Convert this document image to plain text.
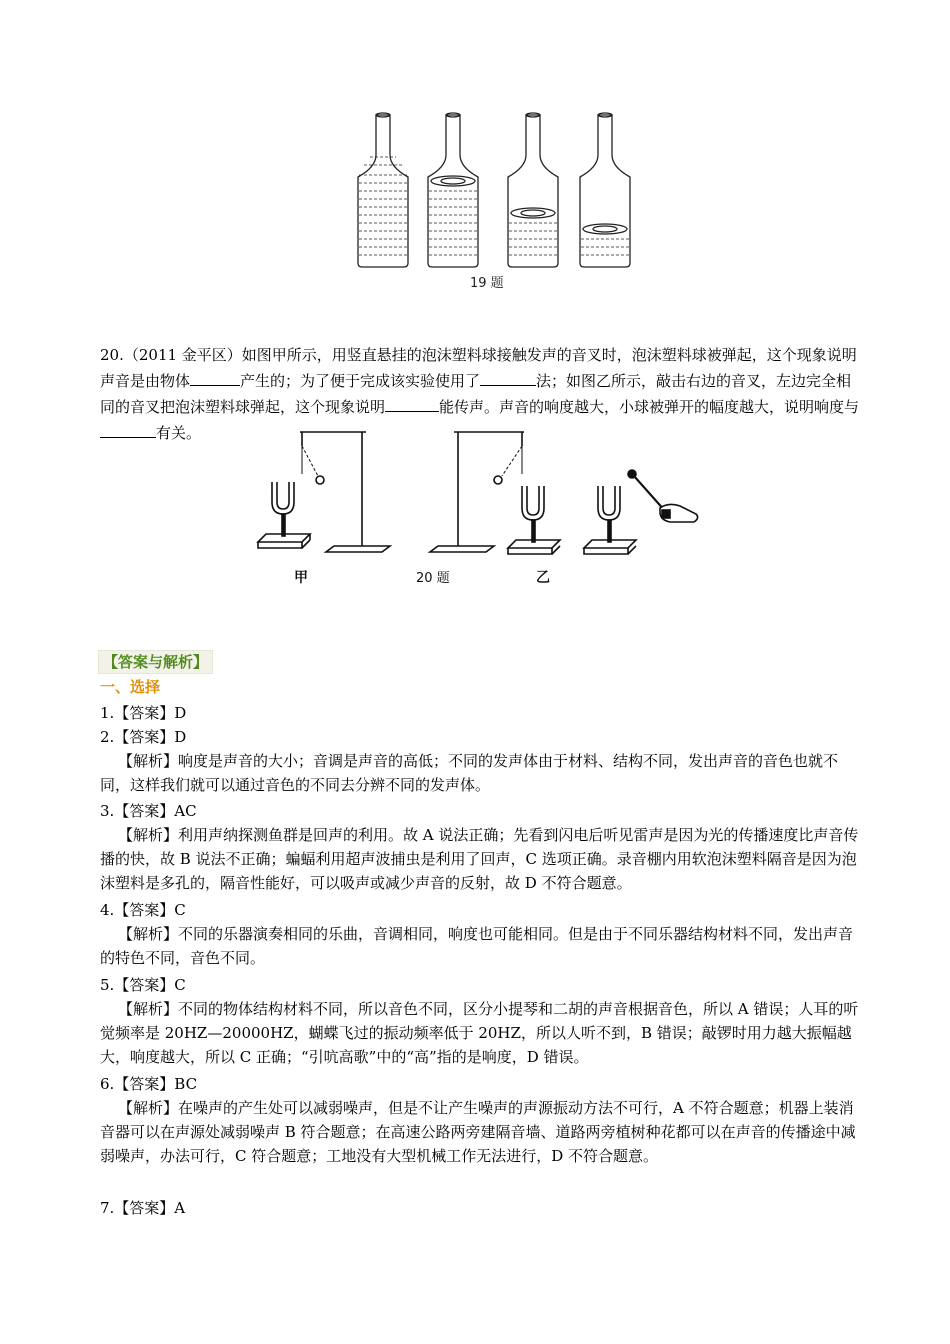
19 题

20.（2011 金平区）如图甲所示，用竖直悬挂的泡沫塑料球接触发声的音叉时，泡沫塑料球被弹起，这个现象说明声音是由物体	产生的；为了便于完成该实验使用了	法；如图乙所示，敲击右边的音叉，左边完全相同的音叉把泡沫塑料球弹起，这个现象说明	能传声。声音的响度越大，小球被弹开的幅度越大，说明响度与有关。

甲	20 题	乙
【答案与解析】
一、选择

1.【答案】D

2.【答案】D

【解析】响度是声音的大小；音调是声音的高低；不同的发声体由于材料、结构不同，发出声音的音色也就不同，这样我们就可以通过音色的不同去分辨不同的发声体。

3.【答案】AC

【解析】利用声纳探测鱼群是回声的利用。故 A 说法正确；先看到闪电后听见雷声是因为光的传播速度比声音传播的快，故 B 说法不正确；蝙蝠利用超声波捕虫是利用了回声，C 选项正确。录音棚内用软泡沫塑料隔音是因为泡沫塑料是多孔的，隔音性能好，可以吸声或减少声音的反射，故 D 不符合题意。

4.【答案】C

【解析】不同的乐器演奏相同的乐曲，音调相同，响度也可能相同。但是由于不同乐器结构材料不同，发出声音的特色不同，音色不同。

5.【答案】C

【解析】不同的物体结构材料不同，所以音色不同，区分小提琴和二胡的声音根据音色，所以 A 错误；人耳的听觉频率是 20HZ—20000HZ，蝴蝶飞过的振动频率低于 20HZ，所以人听不到，B 错误；敲锣时用力越大振幅越大，响度越大，所以 C 正确；“引吭高歌”中的“高”指的是响度，D 错误。

6.【答案】BC

【解析】在噪声的产生处可以减弱噪声，但是不让产生噪声的声源振动方法不可行，A 不符合题意；机器上装消音器可以在声源处减弱噪声 B 符合题意；在高速公路两旁建隔音墙、道路两旁植树种花都可以在声音的传播途中减弱噪声，办法可行，C 符合题意；工地没有大型机械工作无法进行，D 不符合题意。

7.【答案】A
